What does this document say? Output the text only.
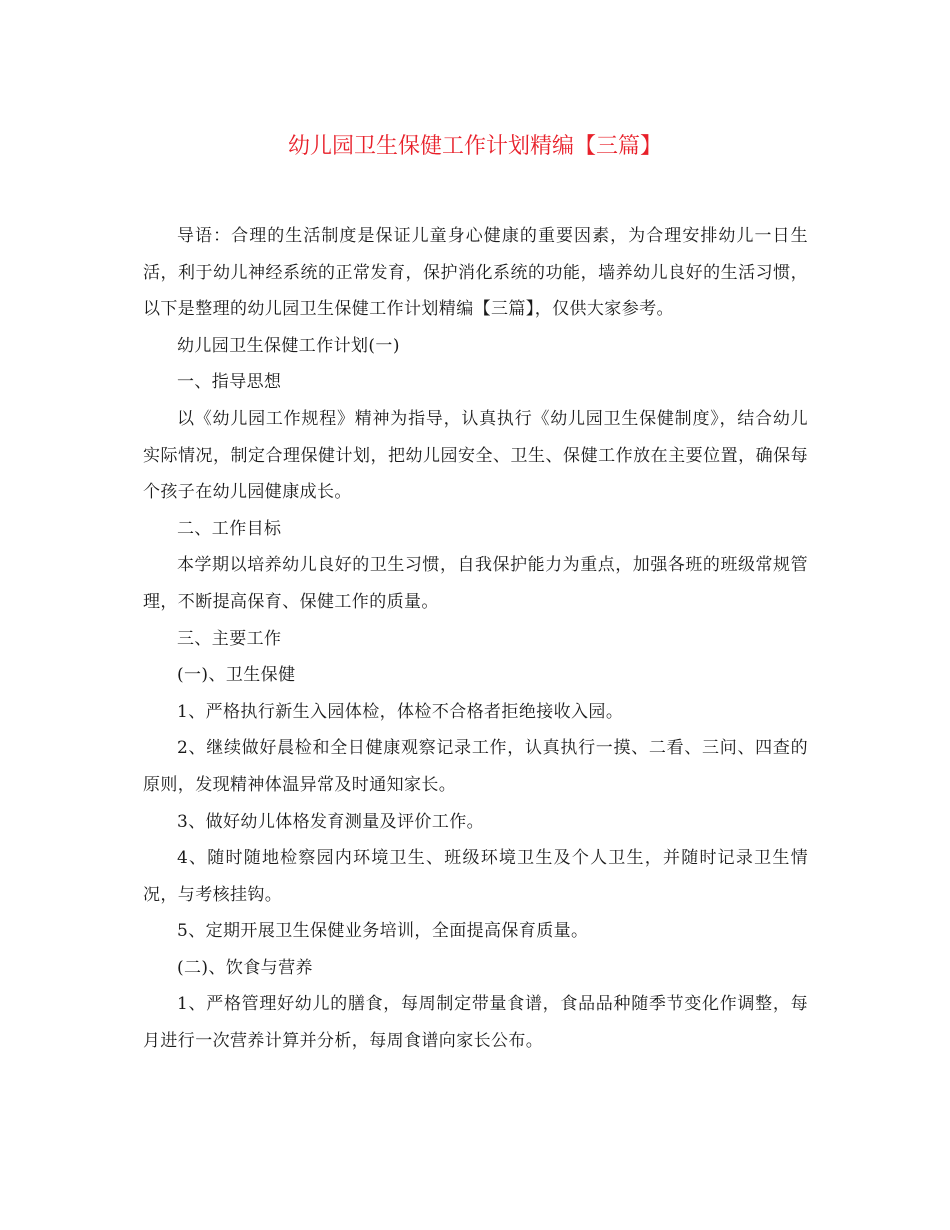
幼儿园卫生保健工作计划精编【三篇】

导语：合理的生活制度是保证儿童身心健康的重要因素，为合理安排幼儿一日生活，利于幼儿神经系统的正常发育，保护消化系统的功能，墙养幼儿良好的生活习惯，以下是整理的幼儿园卫生保健工作计划精编【三篇】，仅供大家参考。

幼儿园卫生保健工作计划(一)

一、指导思想

以《幼儿园工作规程》精神为指导，认真执行《幼儿园卫生保健制度》，结合幼儿实际情况，制定合理保健计划，把幼儿园安全、卫生、保健工作放在主要位置，确保每个孩子在幼儿园健康成长。

二、工作目标

本学期以培养幼儿良好的卫生习惯，自我保护能力为重点，加强各班的班级常规管理，不断提高保育、保健工作的质量。

三、主要工作

(一)、卫生保健

1、严格执行新生入园体检，体检不合格者拒绝接收入园。

2、继续做好晨检和全日健康观察记录工作，认真执行一摸、二看、三问、四查的原则，发现精神体温异常及时通知家长。

3、做好幼儿体格发育测量及评价工作。

4、随时随地检察园内环境卫生、班级环境卫生及个人卫生，并随时记录卫生情况，与考核挂钩。

5、定期开展卫生保健业务培训，全面提高保育质量。

(二)、饮食与营养

1、严格管理好幼儿的膳食，每周制定带量食谱，食品品种随季节变化作调整，每月进行一次营养计算并分析，每周食谱向家长公布。
